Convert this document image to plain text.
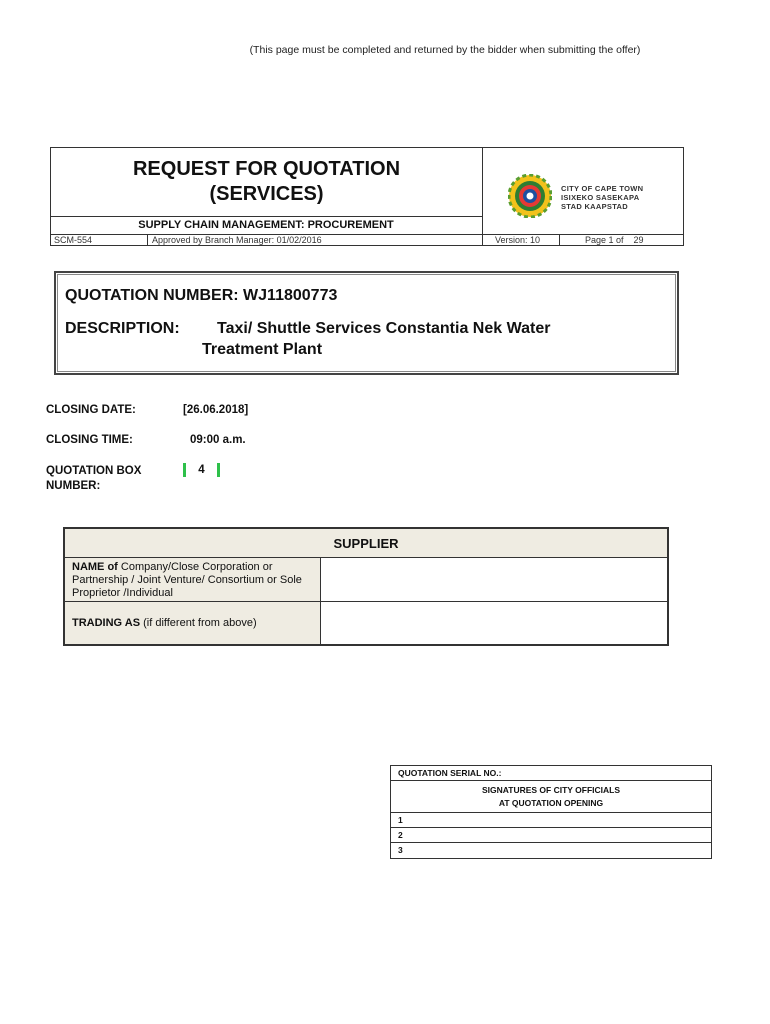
(This page must be completed and returned by the bidder when submitting the offer)
REQUEST FOR QUOTATION
(SERVICES)
SUPPLY CHAIN MANAGEMENT: PROCUREMENT
SCM-554	Approved by Branch Manager: 01/02/2016	Version: 10	Page 1 of    29
CITY OF CAPE TOWN
ISIXEKO SASEKAPA
STAD KAAPSTAD
QUOTATION NUMBER: WJ11800773
DESCRIPTION: Taxi/ Shuttle Services Constantia Nek Water
Treatment Plant
CLOSING DATE:	[26.06.2018]
CLOSING TIME:	09:00 a.m.
QUOTATION BOX
NUMBER:
4
SUPPLIER
NAME of Company/Close Corporation or Partnership / Joint Venture/ Consortium or Sole Proprietor /Individual
TRADING AS (if different from above)
QUOTATION SERIAL NO.:
SIGNATURES OF CITY OFFICIALS
AT QUOTATION OPENING
1
2
3
